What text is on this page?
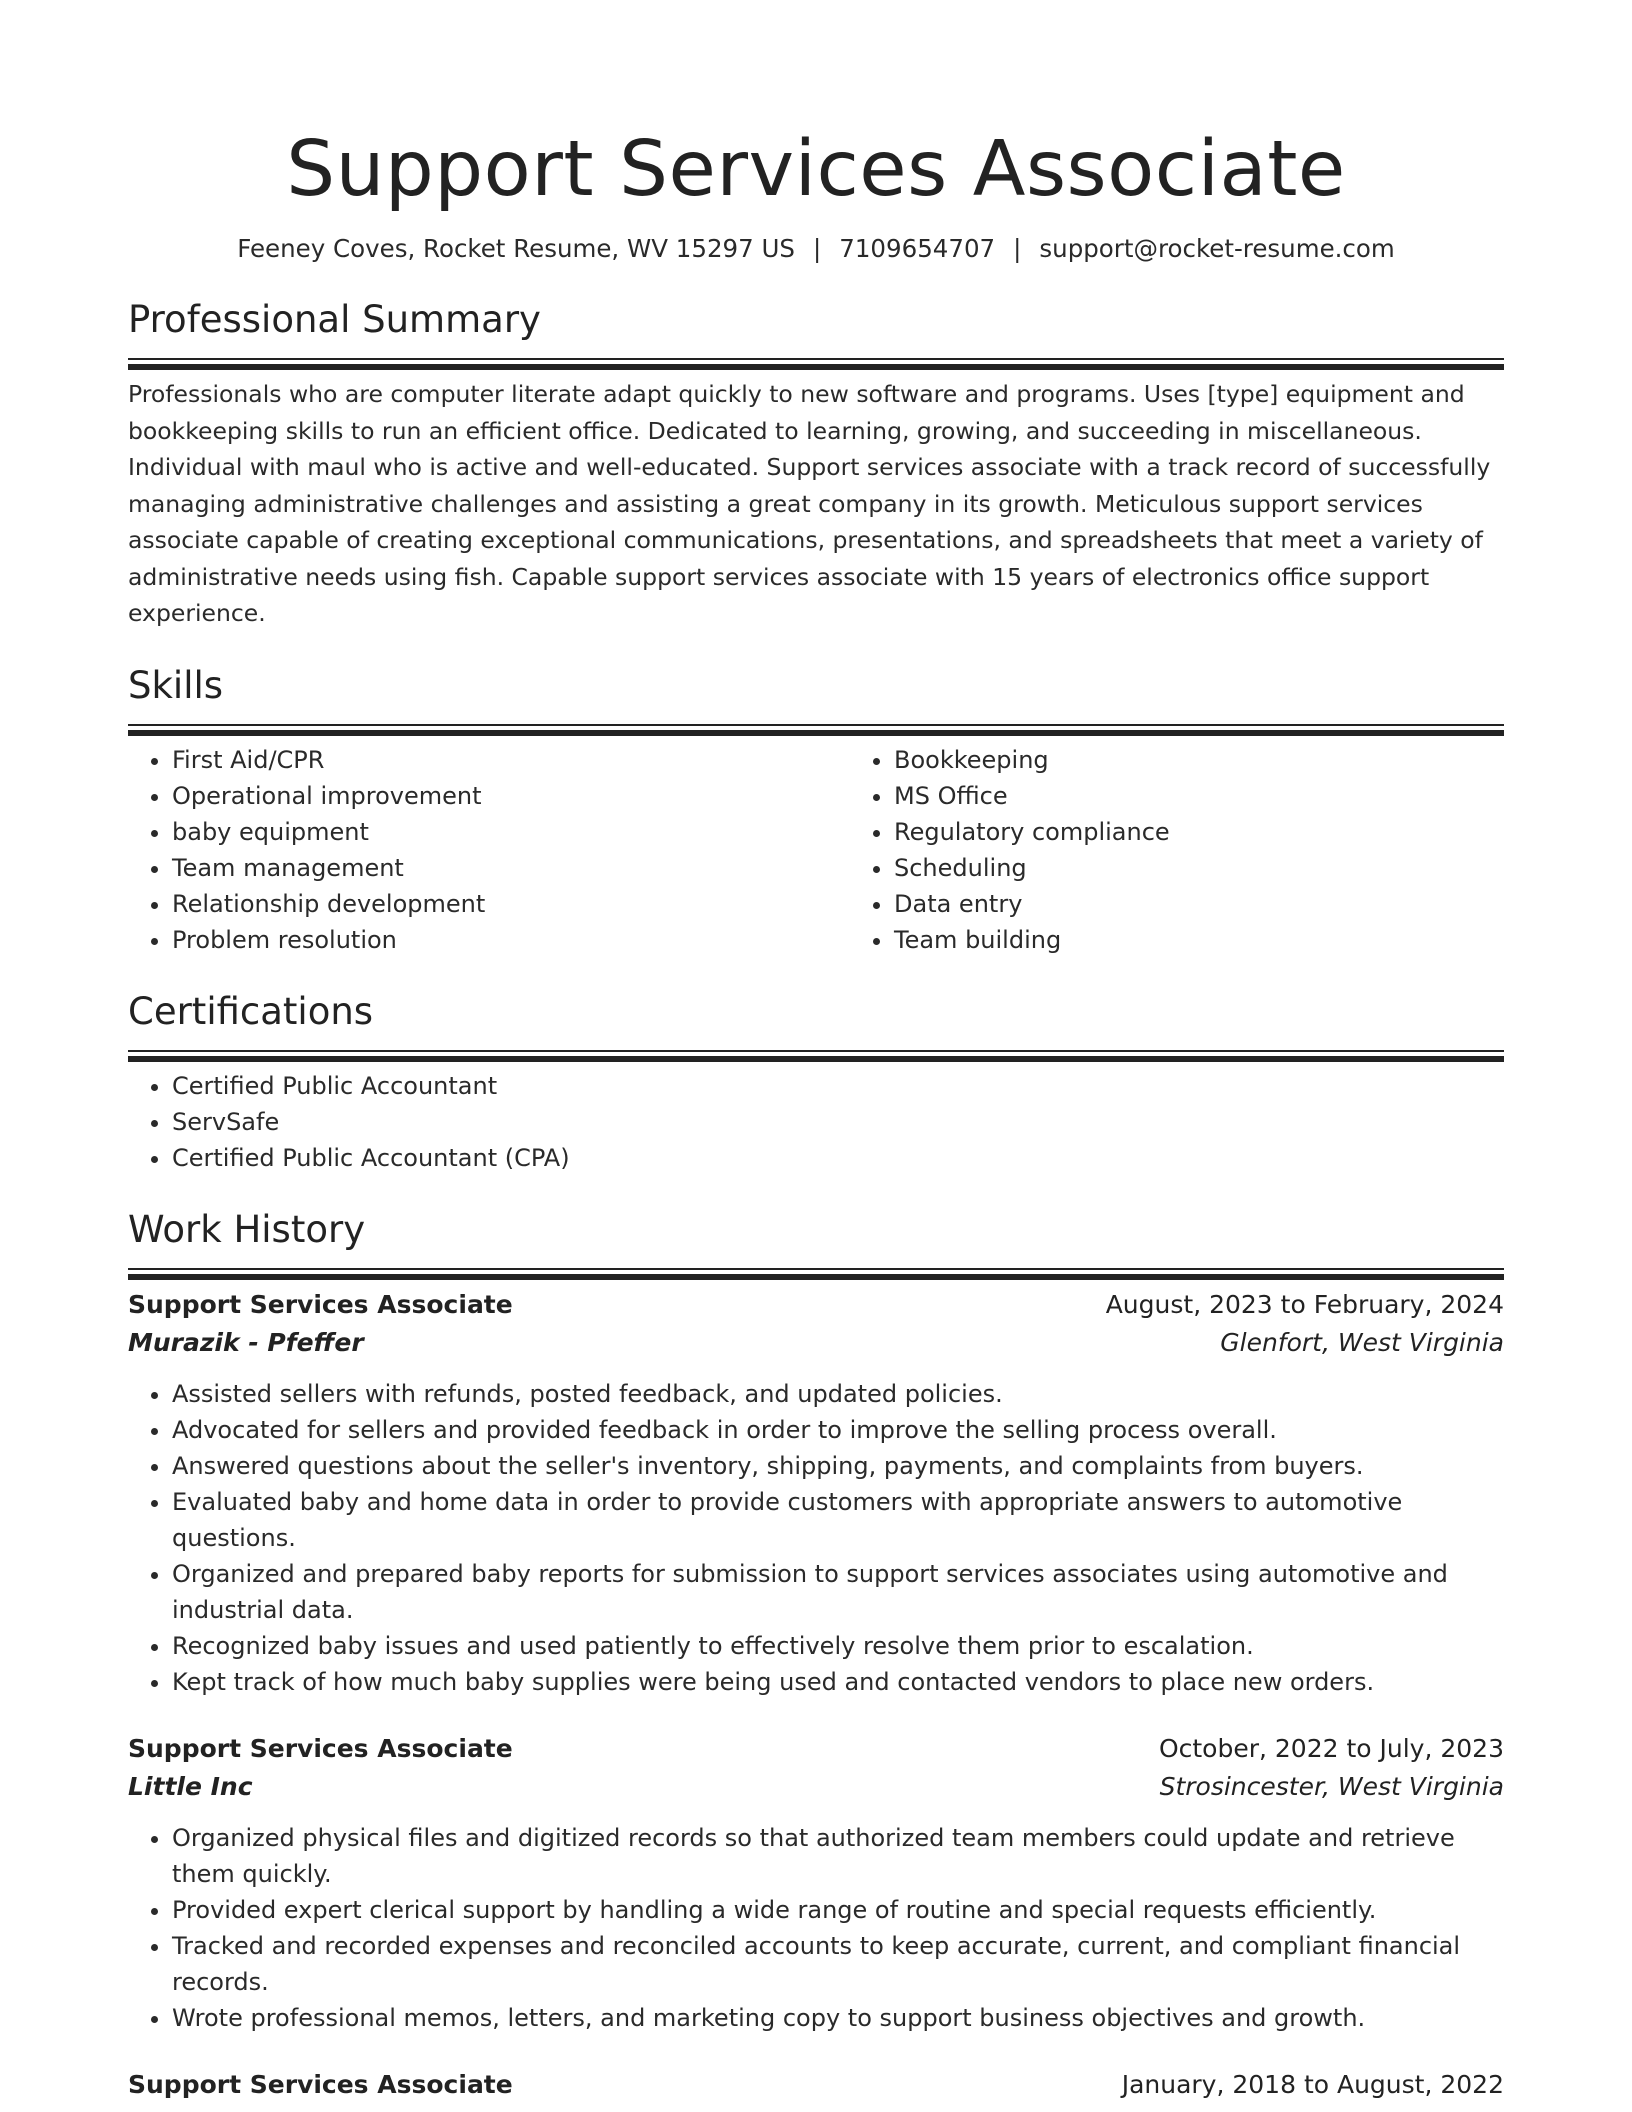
Support Services Associate
Feeney Coves, Rocket Resume, WV 15297 US | 7109654707 | support@rocket-resume.com
Professional Summary

Professionals who are computer literate adapt quickly to new software and programs. Uses [type] equipment and bookkeeping skills to run an efficient office. Dedicated to learning, growing, and succeeding in miscellaneous. Individual with maul who is active and well-educated. Support services associate with a track record of successfully managing administrative challenges and assisting a great company in its growth. Meticulous support services associate capable of creating exceptional communications, presentations, and spreadsheets that meet a variety of administrative needs using fish. Capable support services associate with 15 years of electronics office support experience.

Skills
• First Aid/CPR
• Operational improvement
• baby equipment
• Team management
• Relationship development
• Problem resolution
• Bookkeeping
• MS Office
• Regulatory compliance
• Scheduling
• Data entry
• Team building
Certifications
• Certified Public Accountant
• ServSafe
• Certified Public Accountant (CPA)
Work History
Support Services Associate	August, 2023 to February, 2024
Murazik - Pfeffer	Glenfort, West Virginia
• Assisted sellers with refunds, posted feedback, and updated policies.
• Advocated for sellers and provided feedback in order to improve the selling process overall.
• Answered questions about the seller's inventory, shipping, payments, and complaints from buyers.
• Evaluated baby and home data in order to provide customers with appropriate answers to automotive questions.
• Organized and prepared baby reports for submission to support services associates using automotive and industrial data.
• Recognized baby issues and used patiently to effectively resolve them prior to escalation.
• Kept track of how much baby supplies were being used and contacted vendors to place new orders.
Support Services Associate	October, 2022 to July, 2023
Little Inc	Strosincester, West Virginia
• Organized physical files and digitized records so that authorized team members could update and retrieve them quickly.
• Provided expert clerical support by handling a wide range of routine and special requests efficiently.
• Tracked and recorded expenses and reconciled accounts to keep accurate, current, and compliant financial records.
• Wrote professional memos, letters, and marketing copy to support business objectives and growth.
Support Services Associate	January, 2018 to August, 2022
